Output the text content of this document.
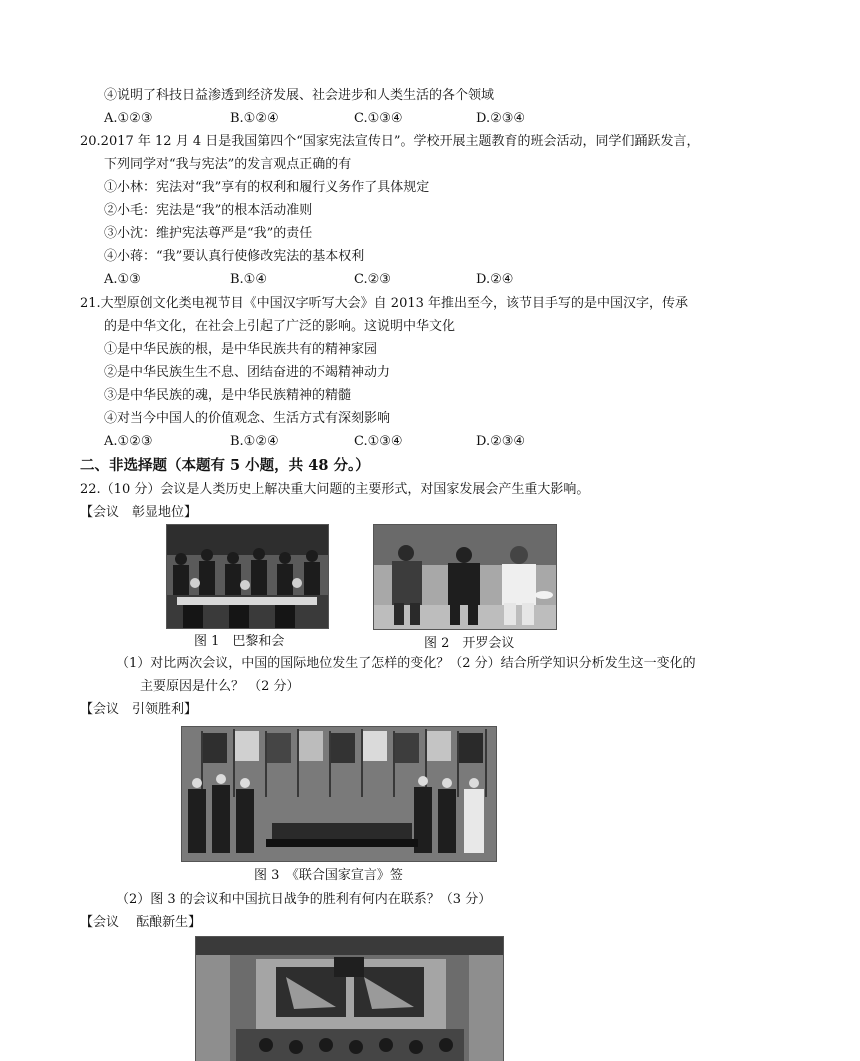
④说明了科技日益渗透到经济发展、社会进步和人类生活的各个领域
A.①②③	B.①②④	C.①③④	D.②③④
20.2017 年 12 月 4 日是我国第四个“国家宪法宣传日”。学校开展主题教育的班会活动，同学们踊跃发言，
下列同学对“我与宪法”的发言观点正确的有
①小林：宪法对“我”享有的权利和履行义务作了具体规定
②小毛：宪法是“我”的根本活动准则
③小沈：维护宪法尊严是“我”的责任
④小蒋：“我”要认真行使修改宪法的基本权利
A.①③	B.①④	C.②③	D.②④
21.大型原创文化类电视节目《中国汉字听写大会》自 2013 年推出至今，该节目手写的是中国汉字，传承
的是中华文化，在社会上引起了广泛的影响。这说明中华文化
①是中华民族的根，是中华民族共有的精神家园
②是中华民族生生不息、团结奋进的不竭精神动力
③是中华民族的魂，是中华民族精神的精髓
④对当今中国人的价值观念、生活方式有深刻影响
A.①②③	B.①②④	C.①③④	D.②③④
二、非选择题（本题有 5 小题，共 48 分。）
22.（10 分）会议是人类历史上解决重大问题的主要形式，对国家发展会产生重大影响。
【会议　彰显地位】
图 1　巴黎和会	图 2　开罗会议
（1）对比两次会议，中国的国际地位发生了怎样的变化？（2 分）结合所学知识分析发生这一变化的
主要原因是什么？ （2 分）
【会议　引领胜利】
图 3　《联合国家宣言》签
（2）图 3 的会议和中国抗日战争的胜利有何内在联系？（3 分）
【会议　 酝酿新生】
